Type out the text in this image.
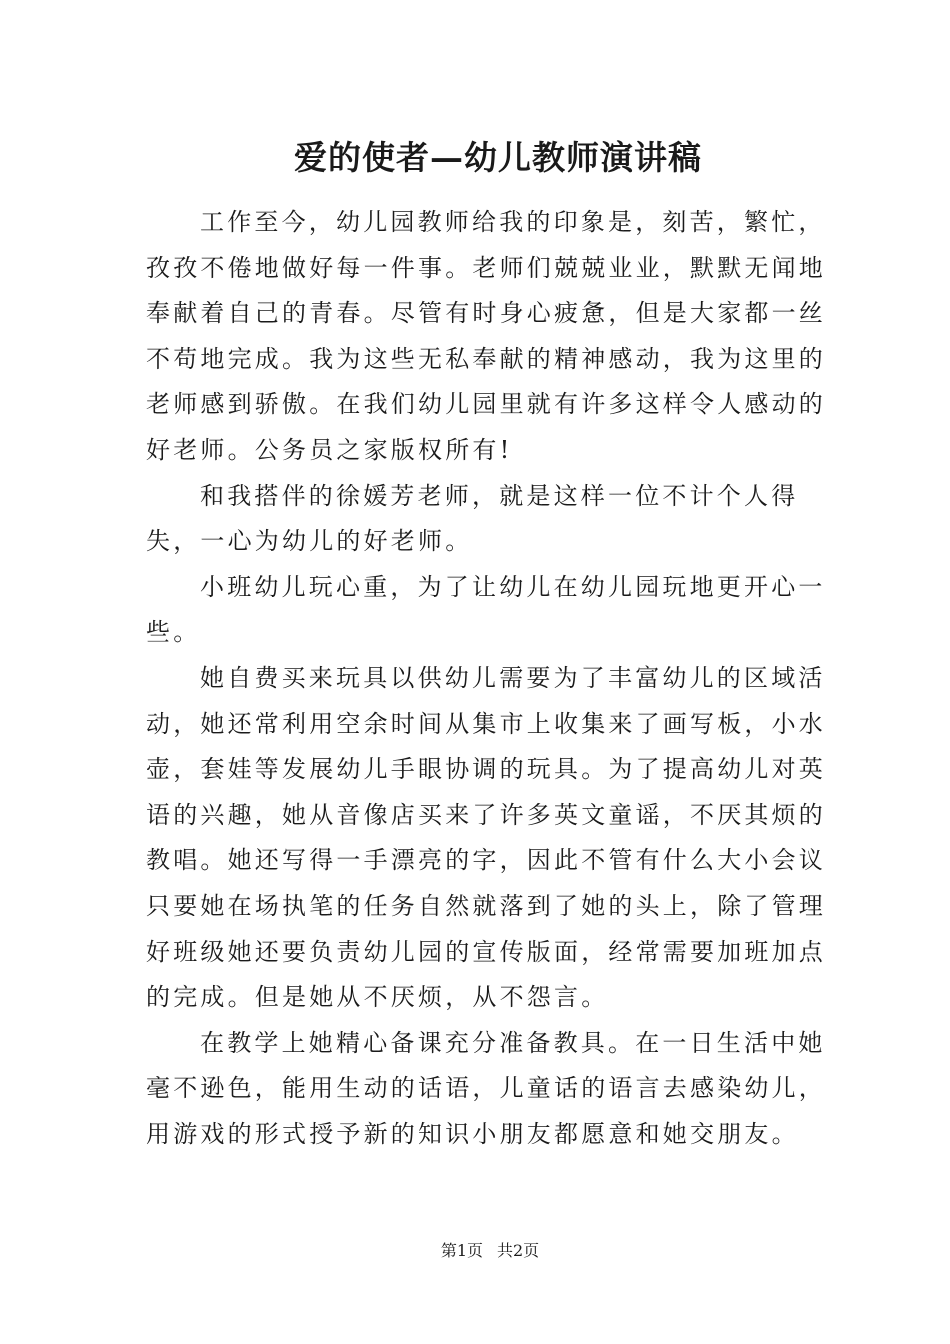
爱的使者—幼儿教师演讲稿

工作至今，幼儿园教师给我的印象是，刻苦，繁忙，孜孜不倦地做好每一件事。老师们兢兢业业，默默无闻地奉献着自己的青春。尽管有时身心疲惫，但是大家都一丝不苟地完成。我为这些无私奉献的精神感动，我为这里的老师感到骄傲。在我们幼儿园里就有许多这样令人感动的好老师。公务员之家版权所有!

和我搭伴的徐媛芳老师，就是这样一位不计个人得失，一心为幼儿的好老师。

小班幼儿玩心重，为了让幼儿在幼儿园玩地更开心一些。

她自费买来玩具以供幼儿需要为了丰富幼儿的区域活动，她还常利用空余时间从集市上收集来了画写板，小水壶，套娃等发展幼儿手眼协调的玩具。为了提高幼儿对英语的兴趣，她从音像店买来了许多英文童谣，不厌其烦的教唱。她还写得一手漂亮的字，因此不管有什么大小会议只要她在场执笔的任务自然就落到了她的头上，除了管理好班级她还要负责幼儿园的宣传版面，经常需要加班加点的完成。但是她从不厌烦，从不怨言。

在教学上她精心备课充分准备教具。在一日生活中她毫不逊色，能用生动的话语，儿童话的语言去感染幼儿，用游戏的形式授予新的知识小朋友都愿意和她交朋友。

第1页 共2页
